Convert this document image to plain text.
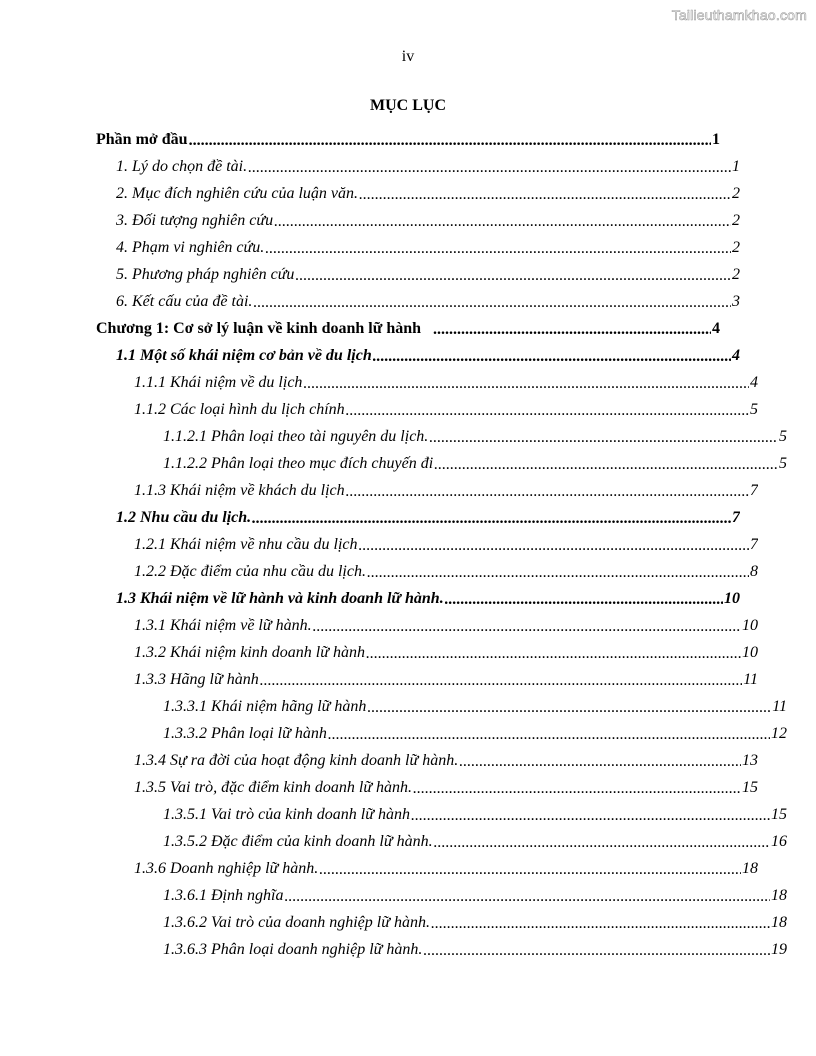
Tailieuthamkhao.com
iv
MỤC LỤC
Phần mở đầu .....	1
1. Lý do chọn đề tài. .....	1
2. Mục đích nghiên cứu của luận văn. .....	2
3. Đối tượng nghiên cứu .....	2
4. Phạm vi nghiên cứu. .....	2
5. Phương pháp nghiên cứu .....	2
6. Kết cấu của đề tài. .....	3
Chương 1: Cơ sở lý luận về kinh doanh lữ hành .....	4
1.1 Một số khái niệm cơ bản về du lịch .....	4
1.1.1 Khái niệm về du lịch .....	4
1.1.2 Các loại hình du lịch chính .....	5
1.1.2.1 Phân loại theo tài nguyên du lịch. .....	5
1.1.2.2 Phân loại theo mục đích chuyến đi .....	5
1.1.3 Khái niệm về khách du lịch .....	7
1.2 Nhu cầu du lịch. .....	7
1.2.1 Khái niệm về nhu cầu du lịch .....	7
1.2.2 Đặc điểm của nhu cầu du lịch. .....	8
1.3 Khái niệm về lữ hành và kinh doanh lữ hành. .....	10
1.3.1 Khái niệm về lữ hành. .....	10
1.3.2 Khái niệm kinh doanh lữ hành .....	10
1.3.3 Hãng lữ hành .....	11
1.3.3.1 Khái niệm hãng lữ hành .....	11
1.3.3.2 Phân loại lữ hành .....	12
1.3.4 Sự ra đời của hoạt động kinh doanh lữ hành. .....	13
1.3.5 Vai trò, đặc điểm kinh doanh lữ hành. .....	15
1.3.5.1 Vai trò của kinh doanh lữ hành .....	15
1.3.5.2 Đặc điểm của kinh doanh lữ hành. .....	16
1.3.6 Doanh nghiệp lữ hành. .....	18
1.3.6.1 Định nghĩa .....	18
1.3.6.2 Vai trò của doanh nghiệp lữ hành. .....	18
1.3.6.3 Phân loại doanh nghiệp lữ hành. .....	19
